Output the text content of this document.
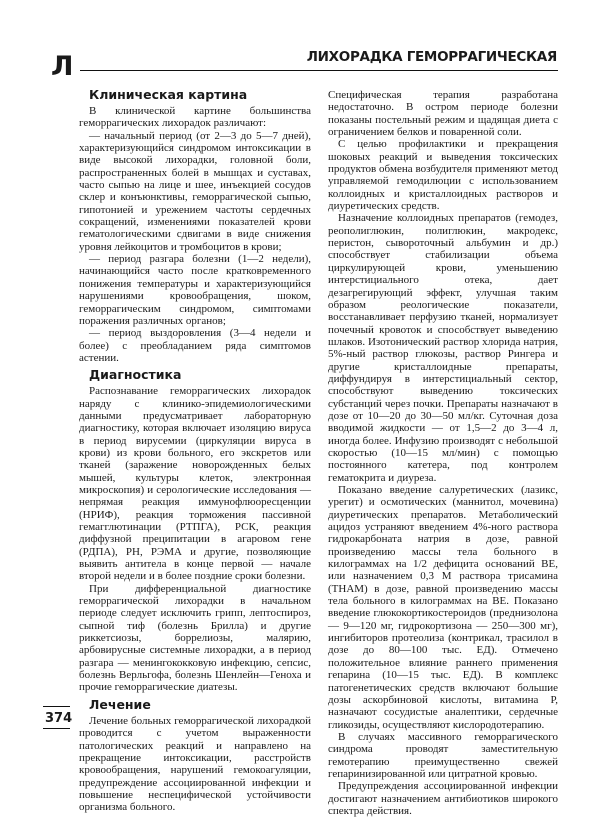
Л	ЛИХОРАДКА ГЕМОРРАГИЧЕСКАЯ
Клиническая картина

В клинической картине большинства геморрагических лихорадок различают:

— начальный период (от 2—3 до 5—7 дней), характеризующийся синдромом интоксикации в виде высокой лихорадки, головной боли, распространенных болей в мышцах и суставах, часто сыпью на лице и шее, инъекцией сосудов склер и конъюнктивы, геморрагической сыпью, гипотонией и урежением частоты сердечных сокращений, изменениями показателей крови гематологическими сдвигами в виде снижения уровня лейкоцитов и тромбоцитов в крови;

— период разгара болезни (1—2 недели), начинающийся часто после кратковременного понижения температуры и характеризующийся нарушениями кровообращения, шоком, геморрагическим синдромом, симптомами поражения различных органов;

— период выздоровления (3—4 недели и более) с преобладанием ряда симптомов астении.

Диагностика

Распознавание геморрагических лихорадок наряду с клинико-эпидемиологическими данными предусматривает лабораторную диагностику, которая включает изоляцию вируса в период вирусемии (циркуляции вируса в крови) из крови больного, его экскретов или тканей (заражение новорожденных белых мышей, культуры клеток, электронная микроскопия) и серологические исследования — непрямая реакция иммунофлюоресценции (НРИФ), реакция торможения пассивной гемагглютинации (РТПГА), РСК, реакция диффузной преципитации в агаровом гене (РДПА), РН, РЭМА и другие, позволяющие выявить антитела в конце первой — начале второй недели и в более поздние сроки болезни.

При дифференциальной диагностике геморрагической лихорадки в начальном периоде следует исключить грипп, лептоспироз, сыпной тиф (болезнь Брилла) и другие риккетсиозы, боррелиозы, малярию, арбовирусные системные лихорадки, а в период разгара — менингококковую инфекцию, сепсис, болезнь Верльгофа, болезнь Шенлейн—Геноха и прочие геморрагические диатезы.

Лечение

Лечение больных геморрагической лихорадкой проводится с учетом выраженности патологических реакций и направлено на прекращение интоксикации, расстройств кровообращения, нарушений гемокоагуляции, предупреждение ассоциированной инфекции и повышение неспецифической устойчивости организма больного.

Специфическая терапия разработана недостаточно. В остром периоде болезни показаны постельный режим и щадящая диета с ограничением белков и поваренной соли.

С целью профилактики и прекращения шоковых реакций и выведения токсических продуктов обмена возбудителя применяют метод управляемой гемодилюции с использованием коллоидных и кристаллоидных растворов и диуретических средств.

Назначение коллоидных препаратов (гемодез, реополиглюкин, полиглюкин, макродекс, перистон, сывороточный альбумин и др.) способствует стабилизации объема циркулирующей крови, уменьшению интерстициального отека, дает дезагрегирующий эффект, улучшая таким образом реологические показатели, восстанавливает перфузию тканей, нормализует почечный кровоток и способствует выведению шлаков. Изотонический раствор хлорида натрия, 5%-ный раствор глюкозы, раствор Рингера и другие кристаллоидные препараты, диффундируя в интерстициальный сектор, способствуют выведению токсических субстанций через почки. Препараты назначают в дозе от 10—20 до 30—50 мл/кг. Суточная доза вводимой жидкости — от 1,5—2 до 3—4 л, иногда более. Инфузию производят с небольшой скоростью (10—15 мл/мин) с помощью постоянного катетера, под контролем гематокрита и диуреза.

Показано введение салуретических (лазикс, урегит) и осмотических (маннитол, мочевина) диуретических препаратов. Метаболический ацидоз устраняют введением 4%-ного раствора гидрокарбоната натрия в дозе, равной произведению массы тела больного в килограммах на 1/2 дефицита оснований BE, или назначением 0,3 М раствора трисамина (ТНАМ) в дозе, равной произведению массы тела больного в килограммах на BE. Показано введение глюкокортикостероидов (преднизолона — 9—120 мг, гидрокортизона — 250—300 мг), ингибиторов протеолиза (контрикал, трасилол в дозе до 80—100 тыс. ЕД). Отмечено положительное влияние раннего применения гепарина (10—15 тыс. ЕД). В комплекс патогенетических средств включают большие дозы аскорбиновой кислоты, витамина Р, назначают сосудистые аналептики, сердечные гликозиды, осуществляют кислородотерапию.

В случаях массивного геморрагического синдрома проводят заместительную гемотерапию преимущественно свежей гепаринизированной или цитратной кровью.

Предупреждения ассоциированной инфекции достигают назначением антибиотиков широкого спектра действия.

374
